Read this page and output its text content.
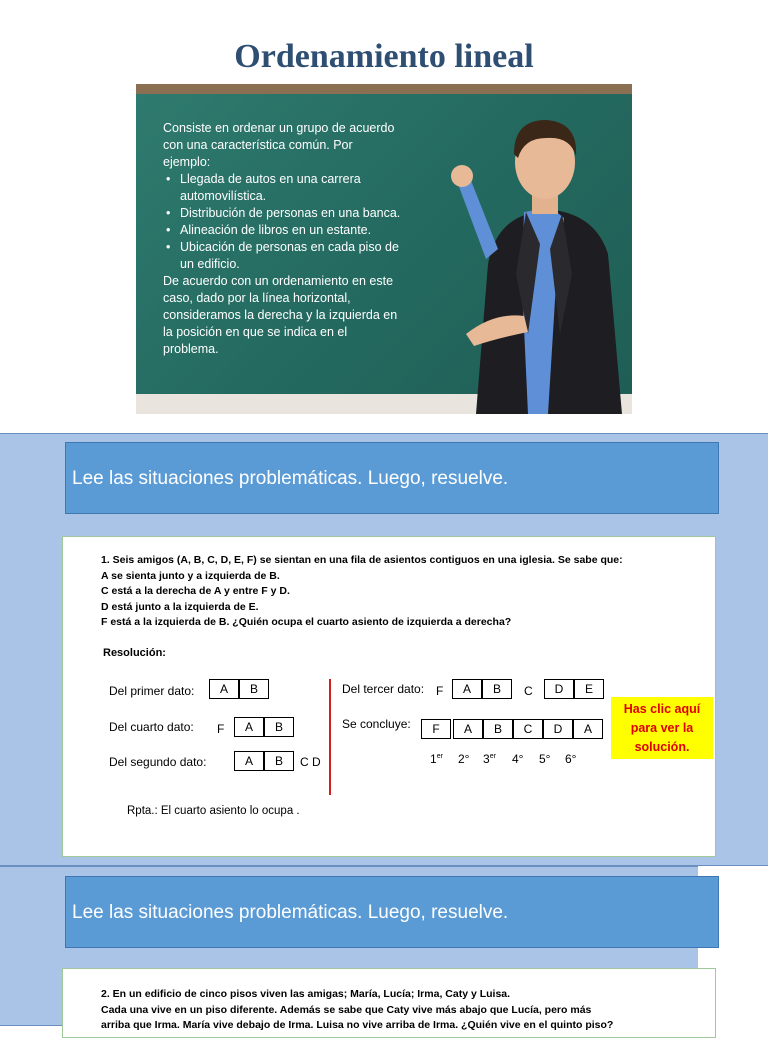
Ordenamiento lineal
Consiste en ordenar un grupo de acuerdo con una característica común. Por ejemplo:
• Llegada de autos en una carrera automovilística.
• Distribución de personas en una banca.
• Alineación de libros en un estante.
• Ubicación de personas en cada piso de un edificio.
De acuerdo con un ordenamiento en este caso, dado por la línea horizontal, consideramos la derecha y la izquierda en la posición en que se indica en el problema.
Lee las situaciones problemáticas. Luego, resuelve.
1. Seis amigos (A, B, C, D, E, F) se sientan en una fila de asientos contiguos en una iglesia. Se sabe que:
A se sienta junto y a izquierda de B.
C está a la derecha de A y entre F y D.
D está junto a la izquierda de E.
F está a la izquierda de B. ¿Quién ocupa el cuarto asiento de izquierda a derecha?
Resolución:
Del primer dato:	A	B
Del cuarto dato: F	A	B
Del segundo dato:	A	B	C D
Del tercer dato: F	A	B	C	D	E
Se concluye:	F	A	B	C	D	A
1er 2° 3er 4° 5° 6°
Has clic aquí para ver la solución.
Rpta.: El cuarto asiento lo ocupa .
Lee las situaciones problemáticas. Luego, resuelve.
2. En un edificio de cinco pisos viven las amigas; María, Lucía; Irma, Caty y Luisa.
Cada una vive en un piso diferente. Además se sabe que Caty vive más abajo que Lucía, pero más
arriba que Irma. María vive debajo de Irma. Luisa no vive arriba de Irma. ¿Quién vive en el quinto piso?
